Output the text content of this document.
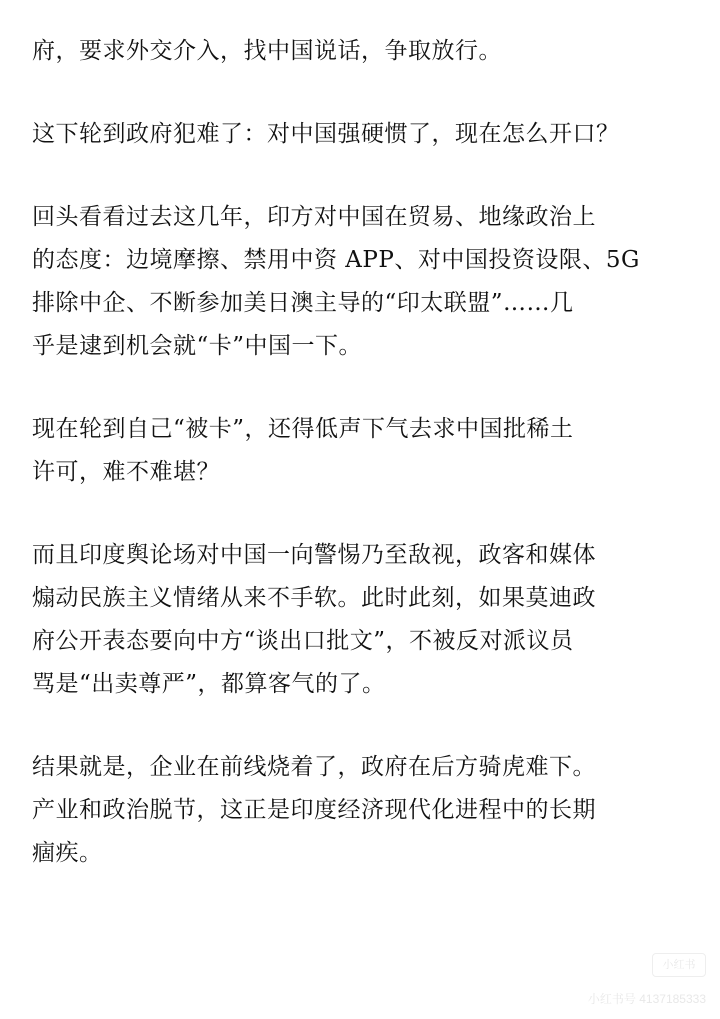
府，要求外交介入，找中国说话，争取放行。

这下轮到政府犯难了：对中国强硬惯了，现在怎么开口？

回头看看过去这几年，印方对中国在贸易、地缘政治上
的态度：边境摩擦、禁用中资 APP、对中国投资设限、5G
排除中企、不断参加美日澳主导的“印太联盟”……几
乎是逮到机会就“卡”中国一下。

现在轮到自己“被卡”，还得低声下气去求中国批稀土
许可，难不难堪？

而且印度舆论场对中国一向警惕乃至敌视，政客和媒体
煽动民族主义情绪从来不手软。此时此刻，如果莫迪政
府公开表态要向中方“谈出口批文”，不被反对派议员
骂是“出卖尊严”，都算客气的了。

结果就是，企业在前线烧着了，政府在后方骑虎难下。
产业和政治脱节，这正是印度经济现代化进程中的长期
痼疾。

小红书
小红书号 4137185333
